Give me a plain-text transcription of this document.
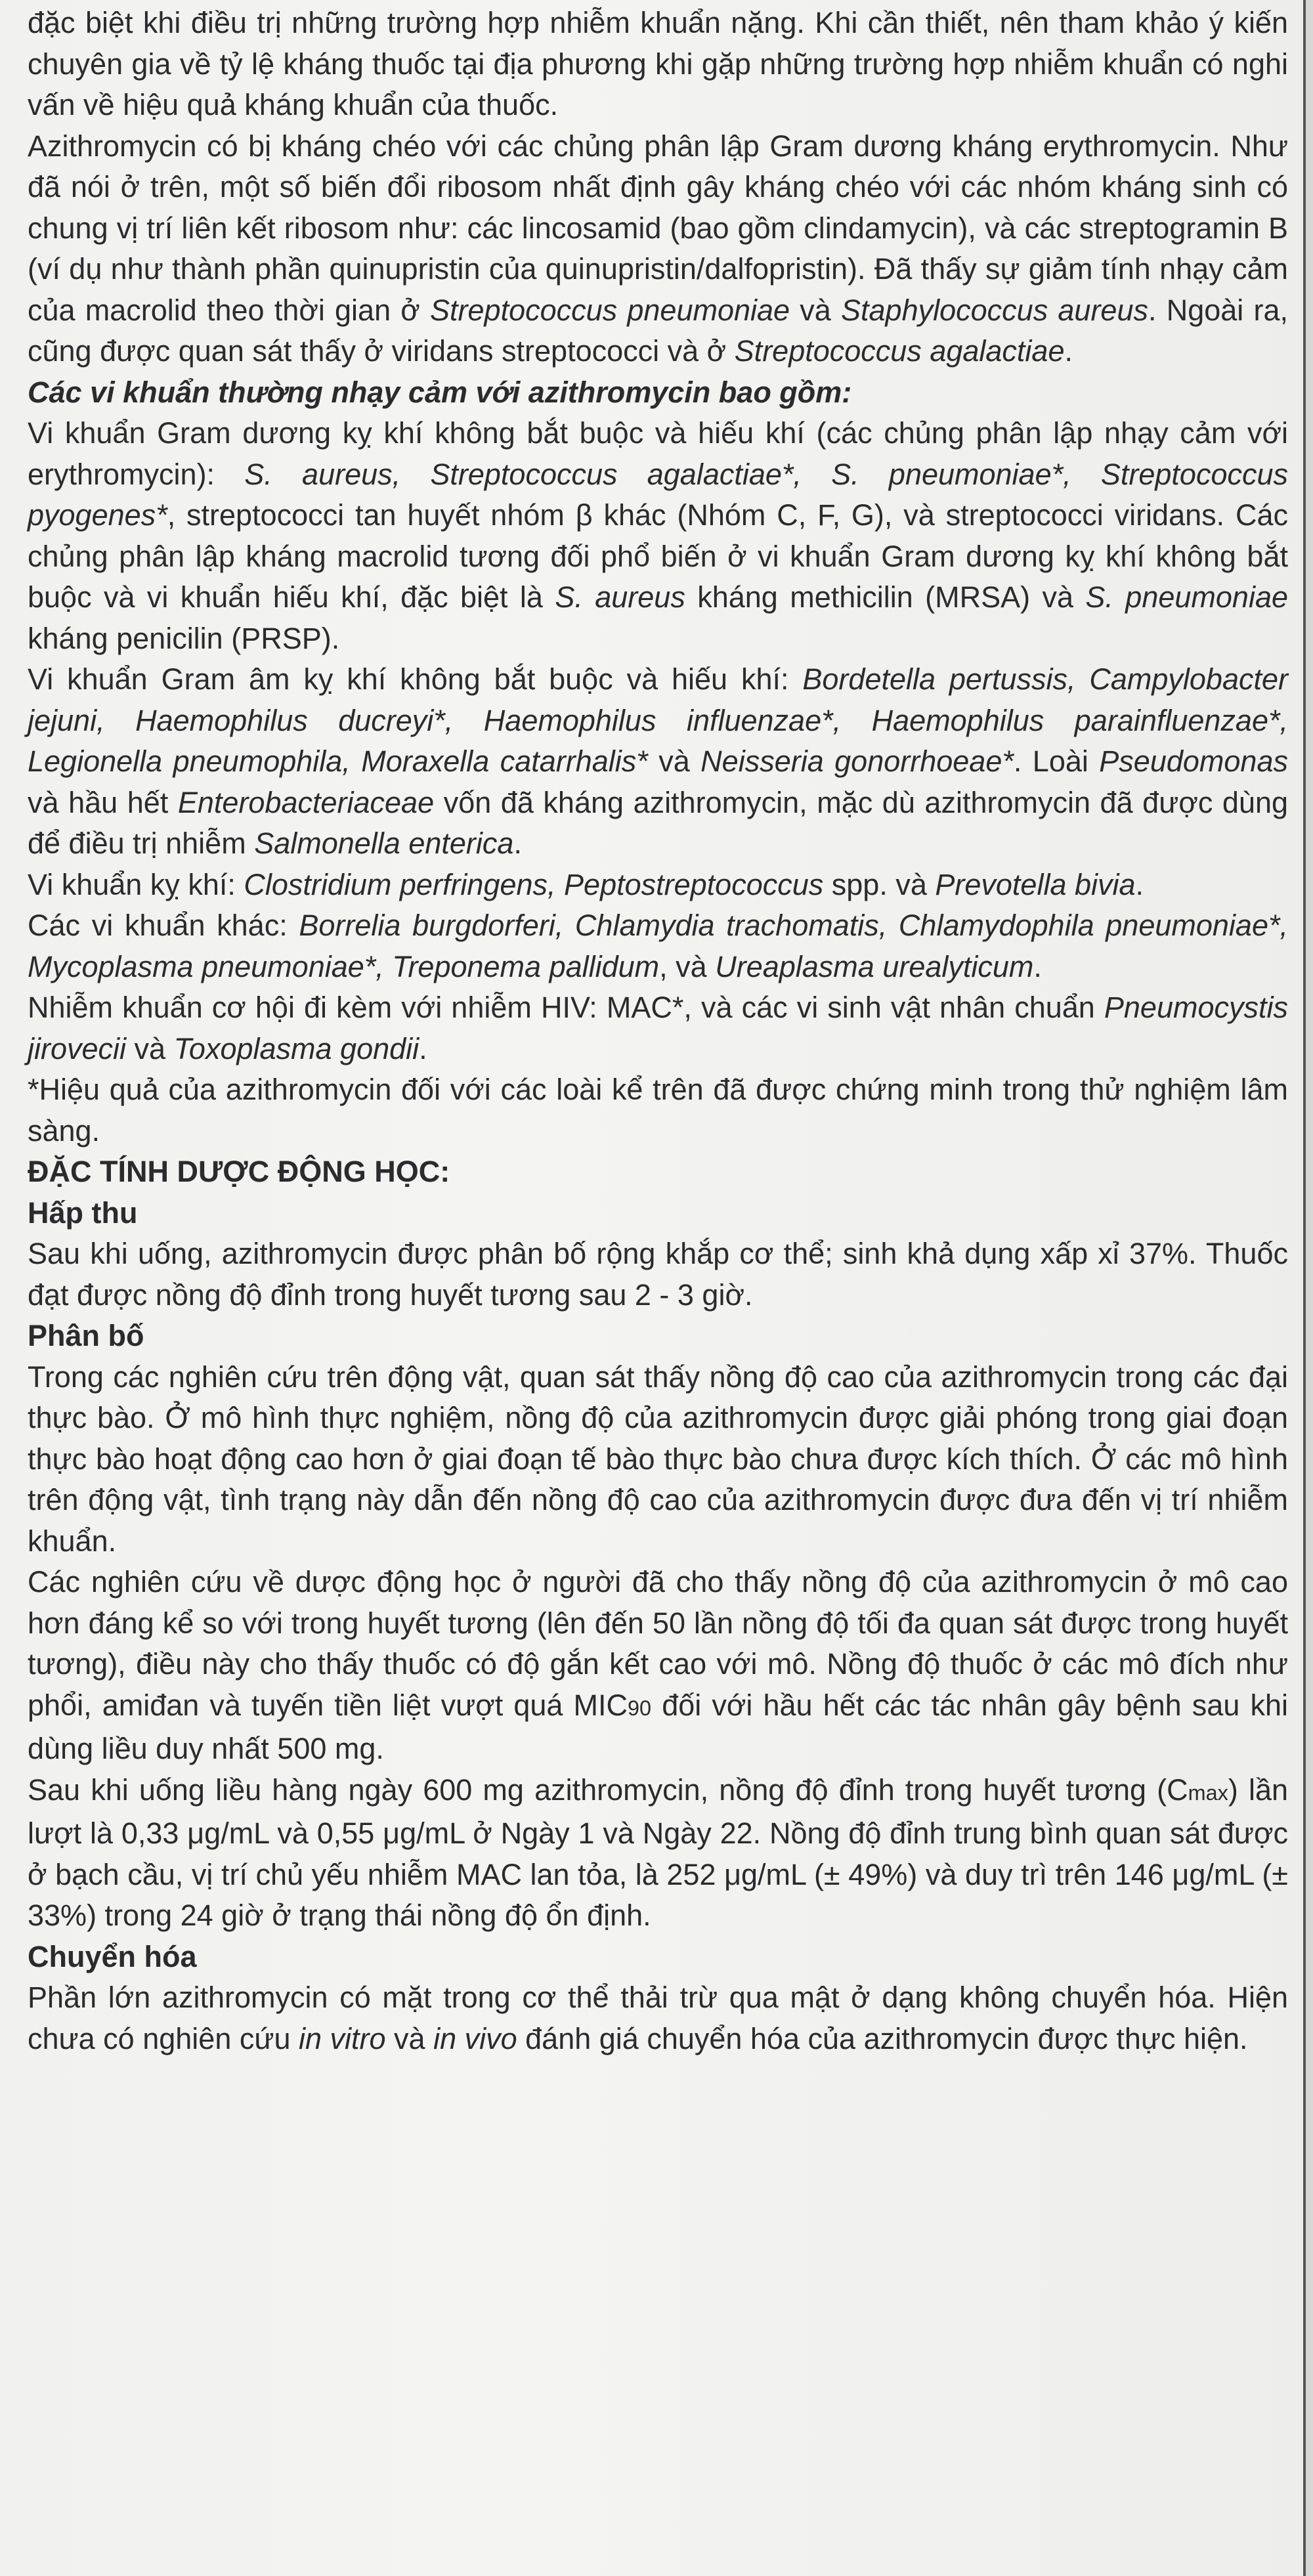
đặc biệt khi điều trị những trường hợp nhiễm khuẩn nặng. Khi cần thiết, nên tham khảo ý kiến chuyên gia về tỷ lệ kháng thuốc tại địa phương khi gặp những trường hợp nhiễm khuẩn có nghi vấn về hiệu quả kháng khuẩn của thuốc.

Azithromycin có bị kháng chéo với các chủng phân lập Gram dương kháng erythromycin. Như đã nói ở trên, một số biến đổi ribosom nhất định gây kháng chéo với các nhóm kháng sinh có chung vị trí liên kết ribosom như: các lincosamid (bao gồm clindamycin), và các streptogramin B (ví dụ như thành phần quinupristin của quinupristin/dalfopristin). Đã thấy sự giảm tính nhạy cảm của macrolid theo thời gian ở Streptococcus pneumoniae và Staphylococcus aureus. Ngoài ra, cũng được quan sát thấy ở viridans streptococci và ở Streptococcus agalactiae.

Các vi khuẩn thường nhạy cảm với azithromycin bao gồm:

Vi khuẩn Gram dương kỵ khí không bắt buộc và hiếu khí (các chủng phân lập nhạy cảm với erythromycin): S. aureus, Streptococcus agalactiae*, S. pneumoniae*, Streptococcus pyogenes*, streptococci tan huyết nhóm β khác (Nhóm C, F, G), và streptococci viridans. Các chủng phân lập kháng macrolid tương đối phổ biến ở vi khuẩn Gram dương kỵ khí không bắt buộc và vi khuẩn hiếu khí, đặc biệt là S. aureus kháng methicilin (MRSA) và S. pneumoniae kháng penicilin (PRSP).

Vi khuẩn Gram âm kỵ khí không bắt buộc và hiếu khí: Bordetella pertussis, Campylobacter jejuni, Haemophilus ducreyi*, Haemophilus influenzae*, Haemophilus parainfluenzae*, Legionella pneumophila, Moraxella catarrhalis* và Neisseria gonorrhoeae*. Loài Pseudomonas và hầu hết Enterobacteriaceae vốn đã kháng azithromycin, mặc dù azithromycin đã được dùng để điều trị nhiễm Salmonella enterica.

Vi khuẩn kỵ khí: Clostridium perfringens, Peptostreptococcus spp. và Prevotella bivia.

Các vi khuẩn khác: Borrelia burgdorferi, Chlamydia trachomatis, Chlamydophila pneumoniae*, Mycoplasma pneumoniae*, Treponema pallidum, và Ureaplasma urealyticum.

Nhiễm khuẩn cơ hội đi kèm với nhiễm HIV: MAC*, và các vi sinh vật nhân chuẩn Pneumocystis jirovecii và Toxoplasma gondii.

*Hiệu quả của azithromycin đối với các loài kể trên đã được chứng minh trong thử nghiệm lâm sàng.

ĐẶC TÍNH DƯỢC ĐỘNG HỌC:

Hấp thu

Sau khi uống, azithromycin được phân bố rộng khắp cơ thể; sinh khả dụng xấp xỉ 37%. Thuốc đạt được nồng độ đỉnh trong huyết tương sau 2 - 3 giờ.

Phân bố

Trong các nghiên cứu trên động vật, quan sát thấy nồng độ cao của azithromycin trong các đại thực bào. Ở mô hình thực nghiệm, nồng độ của azithromycin được giải phóng trong giai đoạn thực bào hoạt động cao hơn ở giai đoạn tế bào thực bào chưa được kích thích. Ở các mô hình trên động vật, tình trạng này dẫn đến nồng độ cao của azithromycin được đưa đến vị trí nhiễm khuẩn.

Các nghiên cứu về dược động học ở người đã cho thấy nồng độ của azithromycin ở mô cao hơn đáng kể so với trong huyết tương (lên đến 50 lần nồng độ tối đa quan sát được trong huyết tương), điều này cho thấy thuốc có độ gắn kết cao với mô. Nồng độ thuốc ở các mô đích như phổi, amiđan và tuyến tiền liệt vượt quá MIC90 đối với hầu hết các tác nhân gây bệnh sau khi dùng liều duy nhất 500 mg.

Sau khi uống liều hàng ngày 600 mg azithromycin, nồng độ đỉnh trong huyết tương (Cmax) lần lượt là 0,33 μg/mL và 0,55 μg/mL ở Ngày 1 và Ngày 22. Nồng độ đỉnh trung bình quan sát được ở bạch cầu, vị trí chủ yếu nhiễm MAC lan tỏa, là 252 μg/mL (± 49%) và duy trì trên 146 μg/mL (± 33%) trong 24 giờ ở trạng thái nồng độ ổn định.

Chuyển hóa

Phần lớn azithromycin có mặt trong cơ thể thải trừ qua mật ở dạng không chuyển hóa. Hiện chưa có nghiên cứu in vitro và in vivo đánh giá chuyển hóa của azithromycin được thực hiện.
